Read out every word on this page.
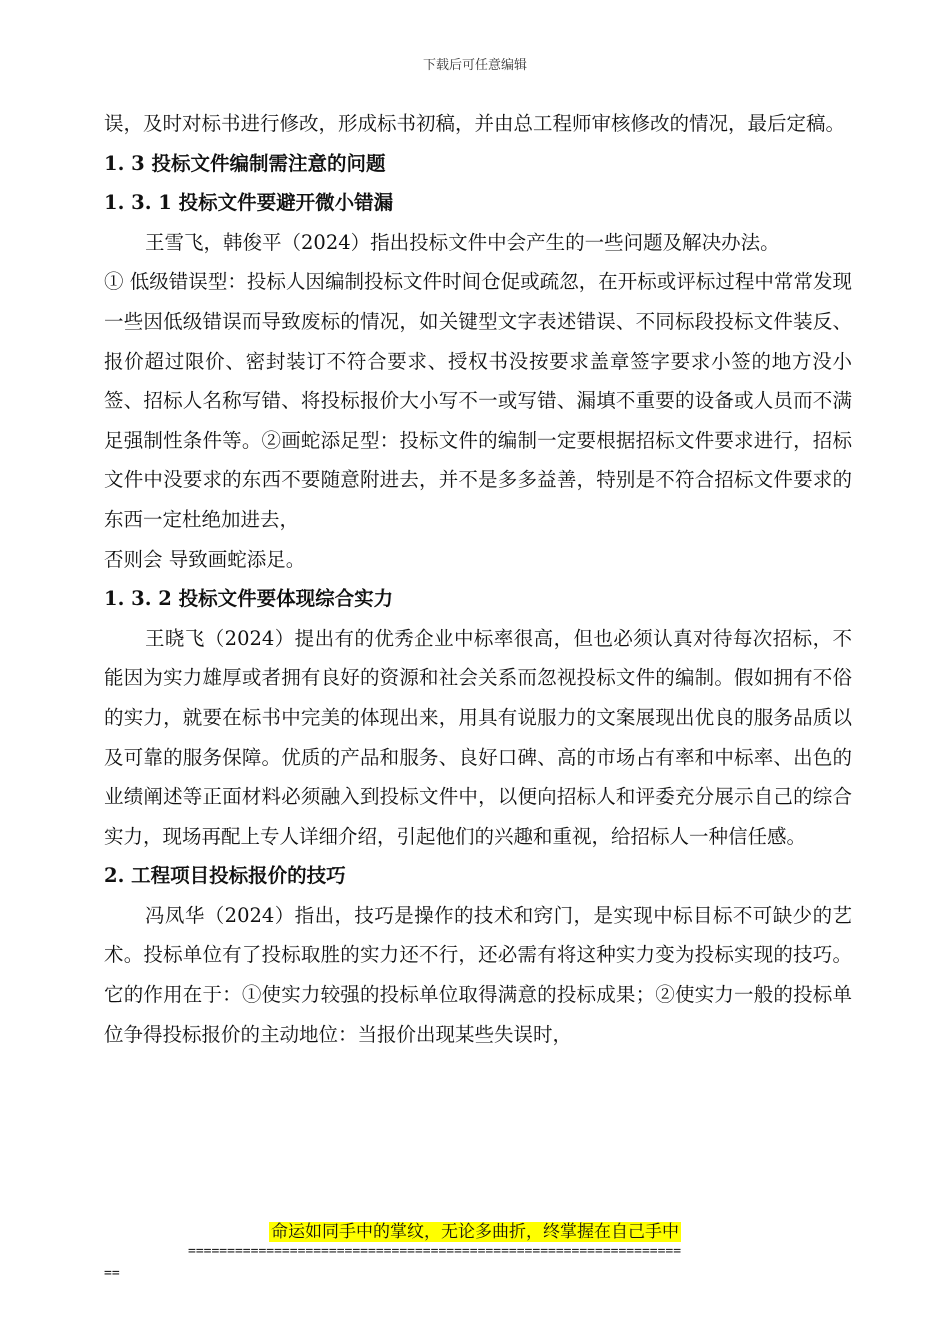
下载后可任意编辑

误，及时对标书进行修改，形成标书初稿，并由总工程师审核修改的情况，最后定稿。

1. 3 投标文件编制需注意的问题

1. 3. 1 投标文件要避开微小错漏

王雪飞，韩俊平（2024）指出投标文件中会产生的一些问题及解决办法。

① 低级错误型：投标人因编制投标文件时间仓促或疏忽，在开标或评标过程中常常发现一些因低级错误而导致废标的情况，如关键型文字表述错误、不同标段投标文件装反、报价超过限价、密封装订不符合要求、授权书没按要求盖章签字要求小签的地方没小签、招标人名称写错、将投标报价大小写不一或写错、漏填不重要的设备或人员而不满足强制性条件等。②画蛇添足型：投标文件的编制一定要根据招标文件要求进行，招标文件中没要求的东西不要随意附进去，并不是多多益善，特别是不符合招标文件要求的东西一定杜绝加进去，

否则会 导致画蛇添足。

1. 3. 2 投标文件要体现综合实力

王晓飞（2024）提出有的优秀企业中标率很高，但也必须认真对待每次招标，不能因为实力雄厚或者拥有良好的资源和社会关系而忽视投标文件的编制。假如拥有不俗的实力，就要在标书中完美的体现出来，用具有说服力的文案展现出优良的服务品质以及可靠的服务保障。优质的产品和服务、良好口碑、高的市场占有率和中标率、出色的业绩阐述等正面材料必须融入到投标文件中，以便向招标人和评委充分展示自己的综合实力，现场再配上专人详细介绍，引起他们的兴趣和重视，给招标人一种信任感。

2. 工程项目投标报价的技巧

冯凤华（2024）指出，技巧是操作的技术和窍门，是实现中标目标不可缺少的艺术。投标单位有了投标取胜的实力还不行，还必需有将这种实力变为投标实现的技巧。它的作用在于：①使实力较强的投标单位取得满意的投标成果；②使实力一般的投标单位争得投标报价的主动地位：当报价出现某些失误时，

命运如同手中的掌纹，无论多曲折，终掌握在自己手中
===============================================================
==
